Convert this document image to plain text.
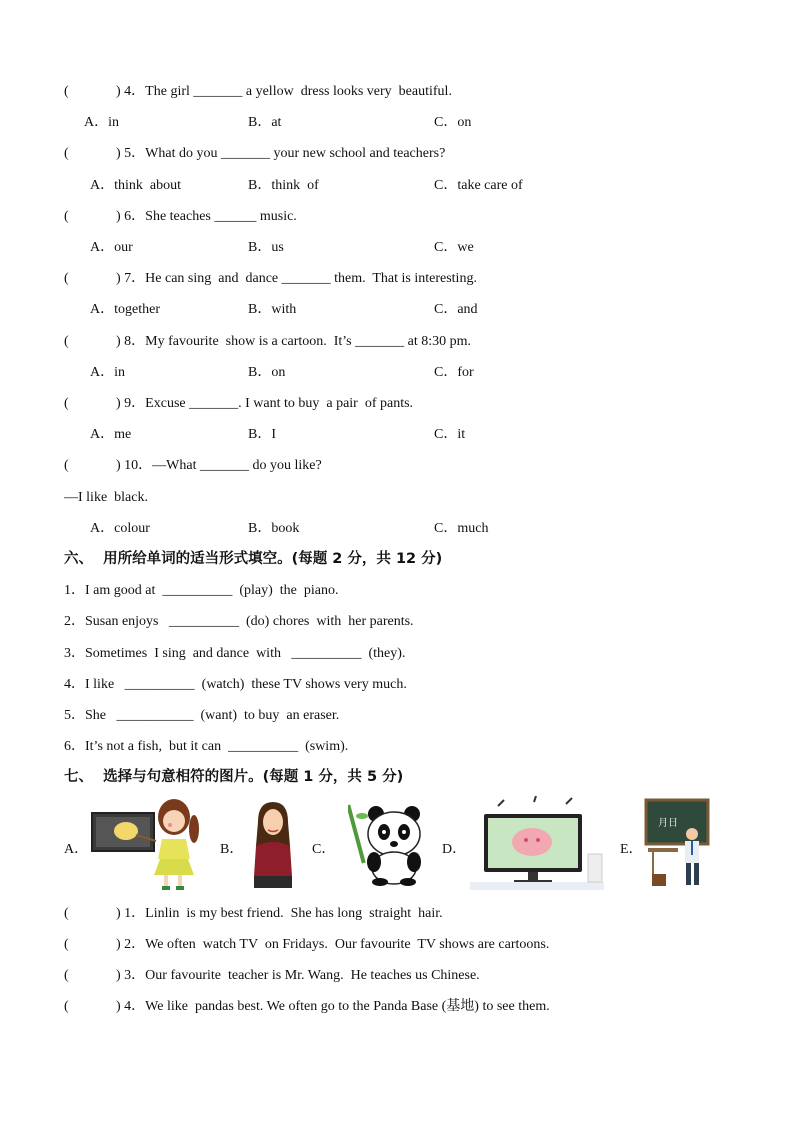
(	) 4．The girl _______ a yellow  dress looks very  beautiful.
A．in	B．at	C．on
(	) 5．What do you _______ your new school and teachers?
A．think  about	B．think  of	C．take care of
(	) 6．She teaches ______ music.
A．our	B．us	C．we
(	) 7．He can sing  and  dance _______ them.  That is interesting.
A．together	B．with	C．and
(	) 8．My favourite  show is a cartoon.  It’s _______ at 8:30 pm.
A．in	B．on	C．for
(	) 9．Excuse _______. I want to buy  a pair  of pants.
A．me	B．I	C．it
(	) 10．—What _______ do you like?
—I like  black.
A．colour	B．book	C．much
六、  用所给单词的适当形式填空。(每题 2 分，共 12 分)
1．I am good at  __________  (play)  the  piano.
2．Susan enjoys   __________  (do) chores  with  her parents.
3．Sometimes  I sing  and dance  with   __________  (they).
4．I like   __________  (watch)  these TV shows very much.
5．She   ___________  (want)  to buy  an eraser.
6．It’s not a fish,  but it can  __________  (swim).
七、  选择与句意相符的图片。(每题 1 分，共 5 分)
A．	B．	C．	D．	E．
月日
(	) 1．Linlin  is my best friend.  She has long  straight  hair.
(	) 2．We often  watch TV  on Fridays.  Our favourite  TV shows are cartoons.
(	) 3．Our favourite  teacher is Mr. Wang.  He teaches us Chinese.
(	) 4．We like  pandas best. We often go to the Panda Base (基地) to see them.
